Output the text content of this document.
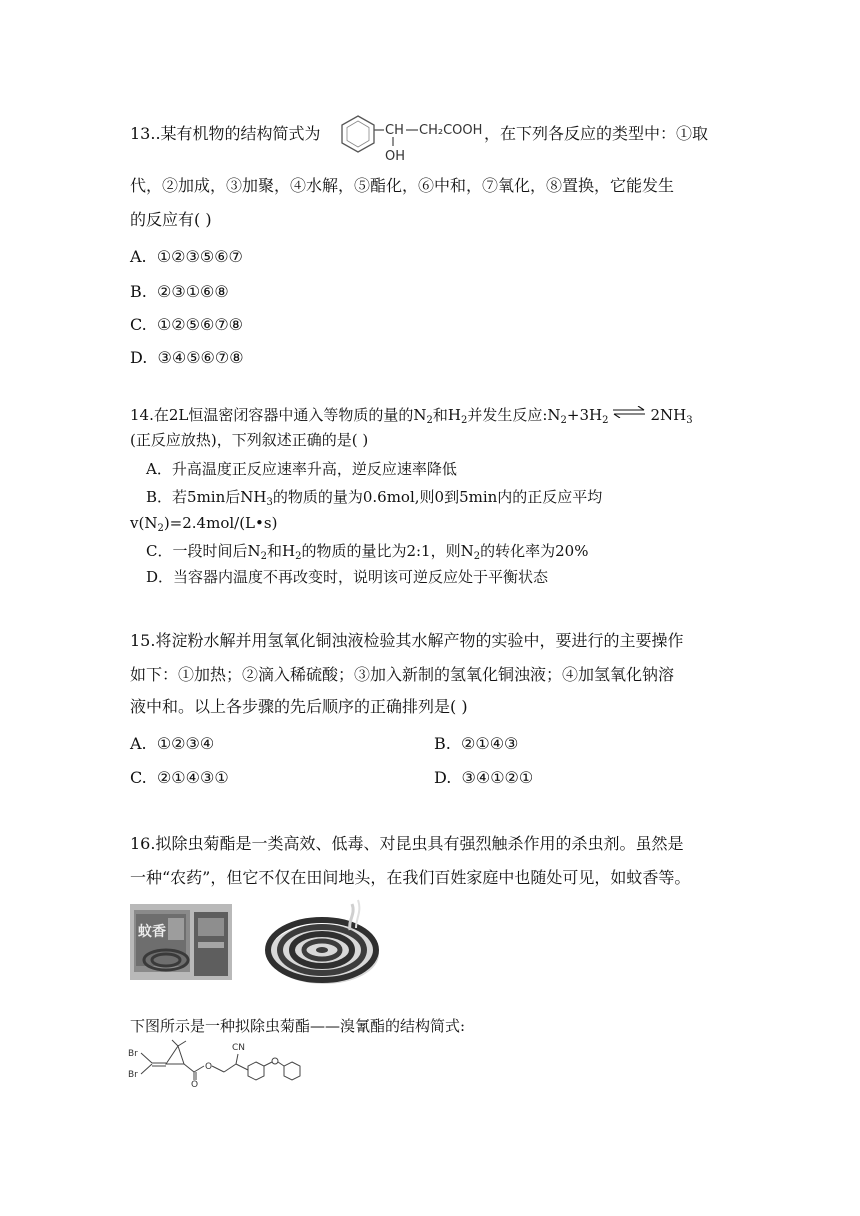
13..某有机物的结构简式为	CH CH₂COOH
OH
，在下列各反应的类型中：①取
代，②加成，③加聚，④水解，⑤酯化，⑥中和，⑦氧化，⑧置换，它能发生
的反应有( )
A. ①②③⑤⑥⑦
B. ②③①⑥⑧
C. ①②⑤⑥⑦⑧
D. ③④⑤⑥⑦⑧
14.在2L恒温密闭容器中通入等物质的量的$N_2$和$H_2$并发生反应$:N_2+3H_2$ ⇌ $2NH_3$
(正反应放热)，下列叙述正确的是( )
A．升高温度正反应速率升高，逆反应速率降低
B．若5min后$NH_3$的物质的量为0.6mol,则0到5min内的正反应平均
$v(N_2)=2.4mol/(L•s)$
C．一段时间后$N_2$和$H_2$的物质的量比为2:1，则$N_2$的转化率为20%
D．当容器内温度不再改变时，说明该可逆反应处于平衡状态
15.将淀粉水解并用氢氧化铜浊液检验其水解产物的实验中，要进行的主要操作
如下：①加热；②滴入稀硫酸；③加入新制的氢氧化铜浊液；④加氢氧化钠溶
液中和。以上各步骤的先后顺序的正确排列是( )
A. ①②③④	B. ②①④③
C. ②①④③①	D. ③④①②①
16.拟除虫菊酯是一类高效、低毒、对昆虫具有强烈触杀作用的杀虫剂。虽然是
一种“农药”，但它不仅在田间地头，在我们百姓家庭中也随处可见，如蚊香等。
蚊香
下图所示是一种拟除虫菊酯——溴氰酯的结构简式:
Br
Br
O
O
CN
